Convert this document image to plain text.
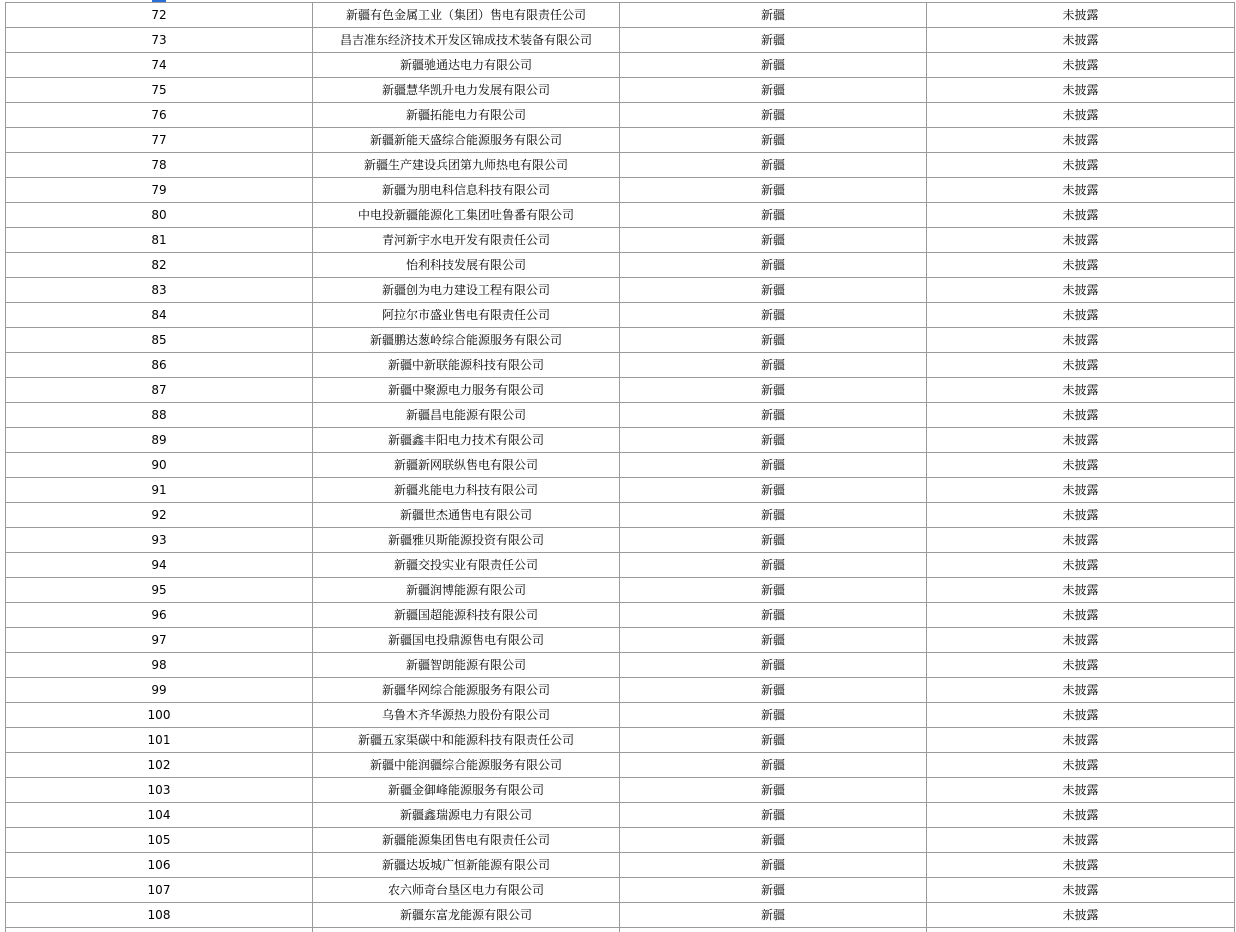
72	新疆有色金属工业（集团）售电有限责任公司	新疆	未披露
73	昌吉准东经济技术开发区锦成技术装备有限公司	新疆	未披露
74	新疆驰通达电力有限公司	新疆	未披露
75	新疆慧华凯升电力发展有限公司	新疆	未披露
76	新疆拓能电力有限公司	新疆	未披露
77	新疆新能天盛综合能源服务有限公司	新疆	未披露
78	新疆生产建设兵团第九师热电有限公司	新疆	未披露
79	新疆为朋电科信息科技有限公司	新疆	未披露
80	中电投新疆能源化工集团吐鲁番有限公司	新疆	未披露
81	青河新宇水电开发有限责任公司	新疆	未披露
82	怡利科技发展有限公司	新疆	未披露
83	新疆创为电力建设工程有限公司	新疆	未披露
84	阿拉尔市盛业售电有限责任公司	新疆	未披露
85	新疆鹏达葱岭综合能源服务有限公司	新疆	未披露
86	新疆中新联能源科技有限公司	新疆	未披露
87	新疆中聚源电力服务有限公司	新疆	未披露
88	新疆昌电能源有限公司	新疆	未披露
89	新疆鑫丰阳电力技术有限公司	新疆	未披露
90	新疆新网联纵售电有限公司	新疆	未披露
91	新疆兆能电力科技有限公司	新疆	未披露
92	新疆世杰通售电有限公司	新疆	未披露
93	新疆雅贝斯能源投资有限公司	新疆	未披露
94	新疆交投实业有限责任公司	新疆	未披露
95	新疆润博能源有限公司	新疆	未披露
96	新疆国超能源科技有限公司	新疆	未披露
97	新疆国电投鼎源售电有限公司	新疆	未披露
98	新疆智朗能源有限公司	新疆	未披露
99	新疆华网综合能源服务有限公司	新疆	未披露
100	乌鲁木齐华源热力股份有限公司	新疆	未披露
101	新疆五家渠碳中和能源科技有限责任公司	新疆	未披露
102	新疆中能润疆综合能源服务有限公司	新疆	未披露
103	新疆金御峰能源服务有限公司	新疆	未披露
104	新疆鑫瑞源电力有限公司	新疆	未披露
105	新疆能源集团售电有限责任公司	新疆	未披露
106	新疆达坂城广恒新能源有限公司	新疆	未披露
107	农六师奇台垦区电力有限公司	新疆	未披露
108	新疆东富龙能源有限公司	新疆	未披露
